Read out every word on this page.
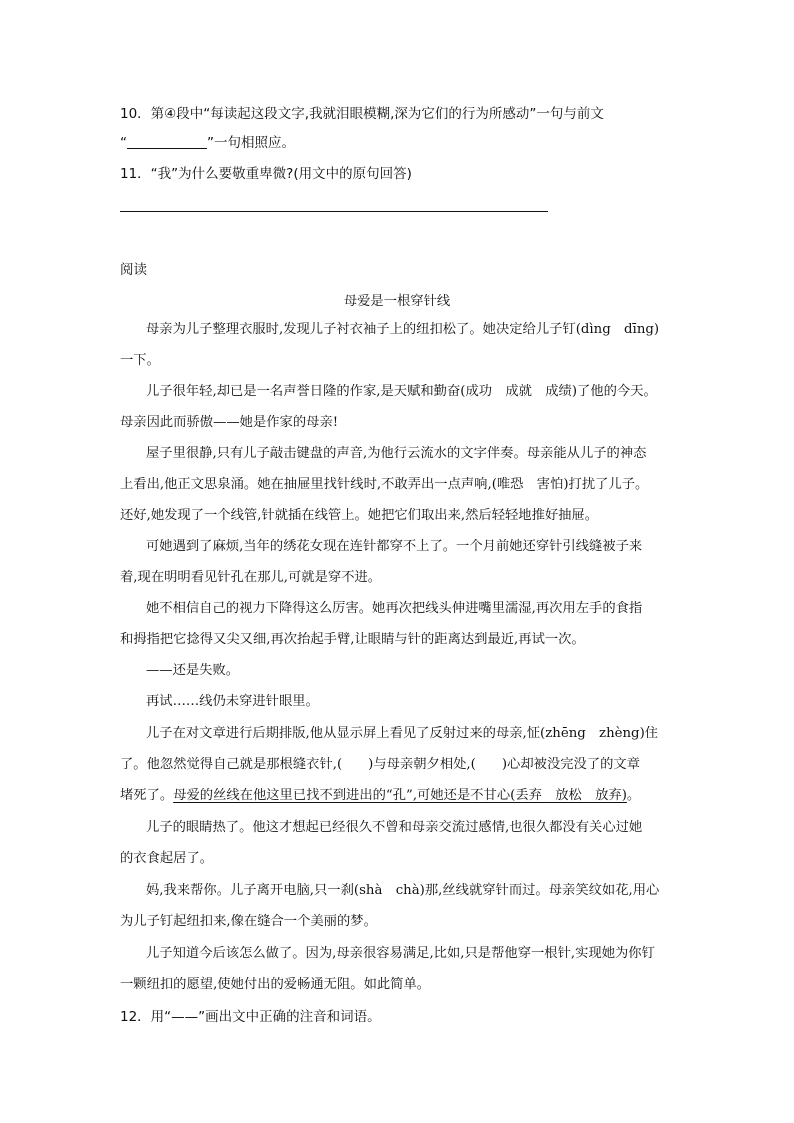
10．第④段中“每读起这段文字,我就泪眼模糊,深为它们的行为所感动”一句与前文
“	”一句相照应。
11．“我”为什么要敬重卑微?(用文中的原句回答)
阅读
母爱是一根穿针线
母亲为儿子整理衣服时,发现儿子衬衣袖子上的纽扣松了。她决定给儿子钉(dìng　dīng)
一下。
儿子很年轻,却已是一名声誉日隆的作家,是天赋和勤奋(成功　成就　成绩)了他的今天。
母亲因此而骄傲——她是作家的母亲!
屋子里很静,只有儿子敲击键盘的声音,为他行云流水的文字伴奏。母亲能从儿子的神态
上看出,他正文思泉涌。她在抽屉里找针线时,不敢弄出一点声响,(唯恐　害怕)打扰了儿子。
还好,她发现了一个线管,针就插在线管上。她把它们取出来,然后轻轻地推好抽屉。
可她遇到了麻烦,当年的绣花女现在连针都穿不上了。一个月前她还穿针引线缝被子来
着,现在明明看见针孔在那儿,可就是穿不进。
她不相信自己的视力下降得这么厉害。她再次把线头伸进嘴里濡湿,再次用左手的食指
和拇指把它捻得又尖又细,再次抬起手臂,让眼睛与针的距离达到最近,再试一次。
——还是失败。
再试……线仍未穿进针眼里。
儿子在对文章进行后期排版,他从显示屏上看见了反射过来的母亲,怔(zhēng　zhèng)住
了。他忽然觉得自己就是那根缝衣针,( )与母亲朝夕相处,( )心却被没完没了的文章
堵死了。母爱的丝线在他这里已找不到进出的“孔”,可她还是不甘心(丢弃　放松　放弃)。
儿子的眼睛热了。他这才想起已经很久不曾和母亲交流过感情,也很久都没有关心过她
的衣食起居了。
妈,我来帮你。儿子离开电脑,只一刹(shà　chà)那,丝线就穿针而过。母亲笑纹如花,用心
为儿子钉起纽扣来,像在缝合一个美丽的梦。
儿子知道今后该怎么做了。因为,母亲很容易满足,比如,只是帮他穿一根针,实现她为你钉
一颗纽扣的愿望,使她付出的爱畅通无阻。如此简单。
12．用“——”画出文中正确的注音和词语。
